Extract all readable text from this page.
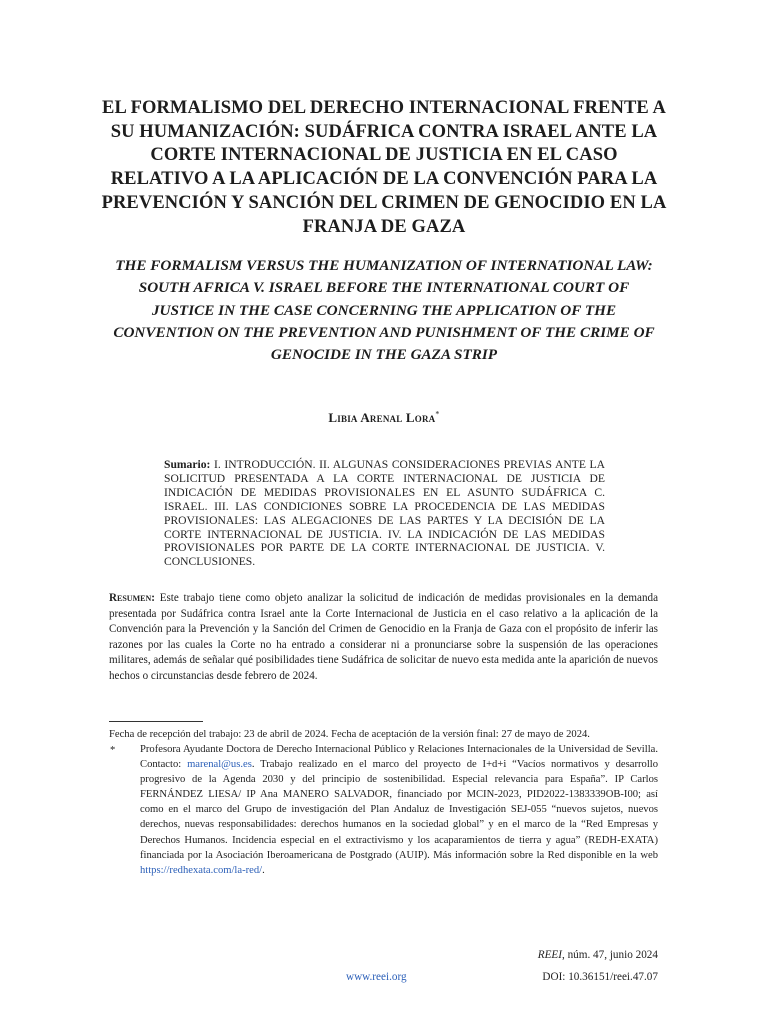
EL FORMALISMO DEL DERECHO INTERNACIONAL FRENTE A SU HUMANIZACIÓN: SUDÁFRICA CONTRA ISRAEL ANTE LA CORTE INTERNACIONAL DE JUSTICIA EN EL CASO RELATIVO A LA APLICACIÓN DE LA CONVENCIÓN PARA LA PREVENCIÓN Y SANCIÓN DEL CRIMEN DE GENOCIDIO EN LA FRANJA DE GAZA
THE FORMALISM VERSUS THE HUMANIZATION OF INTERNATIONAL LAW: SOUTH AFRICA V. ISRAEL BEFORE THE INTERNATIONAL COURT OF JUSTICE IN THE CASE CONCERNING THE APPLICATION OF THE CONVENTION ON THE PREVENTION AND PUNISHMENT OF THE CRIME OF GENOCIDE IN THE GAZA STRIP
Libia Arenal Lora*

Sumario: I. INTRODUCCIÓN. II. ALGUNAS CONSIDERACIONES PREVIAS ANTE LA SOLICITUD PRESENTADA A LA CORTE INTERNACIONAL DE JUSTICIA DE INDICACIÓN DE MEDIDAS PROVISIONALES EN EL ASUNTO SUDÁFRICA C. ISRAEL. III. LAS CONDICIONES SOBRE LA PROCEDENCIA DE LAS MEDIDAS PROVISIONALES: LAS ALEGACIONES DE LAS PARTES Y LA DECISIÓN DE LA CORTE INTERNACIONAL DE JUSTICIA. IV. LA INDICACIÓN DE LAS MEDIDAS PROVISIONALES POR PARTE DE LA CORTE INTERNACIONAL DE JUSTICIA. V. CONCLUSIONES.

Resumen: Este trabajo tiene como objeto analizar la solicitud de indicación de medidas provisionales en la demanda presentada por Sudáfrica contra Israel ante la Corte Internacional de Justicia en el caso relativo a la aplicación de la Convención para la Prevención y la Sanción del Crimen de Genocidio en la Franja de Gaza con el propósito de inferir las razones por las cuales la Corte no ha entrado a considerar ni a pronunciarse sobre la suspensión de las operaciones militares, además de señalar qué posibilidades tiene Sudáfrica de solicitar de nuevo esta medida ante la aparición de nuevos hechos o circunstancias desde febrero de 2024.

Fecha de recepción del trabajo: 23 de abril de 2024. Fecha de aceptación de la versión final: 27 de mayo de 2024.

* Profesora Ayudante Doctora de Derecho Internacional Público y Relaciones Internacionales de la Universidad de Sevilla. Contacto: marenal@us.es. Trabajo realizado en el marco del proyecto de I+d+i “Vacíos normativos y desarrollo progresivo de la Agenda 2030 y del principio de sostenibilidad. Especial relevancia para España”. IP Carlos FERNÁNDEZ LIESA/ IP Ana MANERO SALVADOR, financiado por MCIN-2023, PID2022-1383339OB-I00; así como en el marco del Grupo de investigación del Plan Andaluz de Investigación SEJ-055 “nuevos sujetos, nuevos derechos, nuevas responsabilidades: derechos humanos en la sociedad global” y en el marco de la “Red Empresas y Derechos Humanos. Incidencia especial en el extractivismo y los acaparamientos de tierra y agua” (REDH-EXATA) financiada por la Asociación Iberoamericana de Postgrado (AUIP). Más información sobre la Red disponible en la web https://redhexata.com/la-red/.

REEI, núm. 47, junio 2024
www.reei.org	DOI: 10.36151/reei.47.07
